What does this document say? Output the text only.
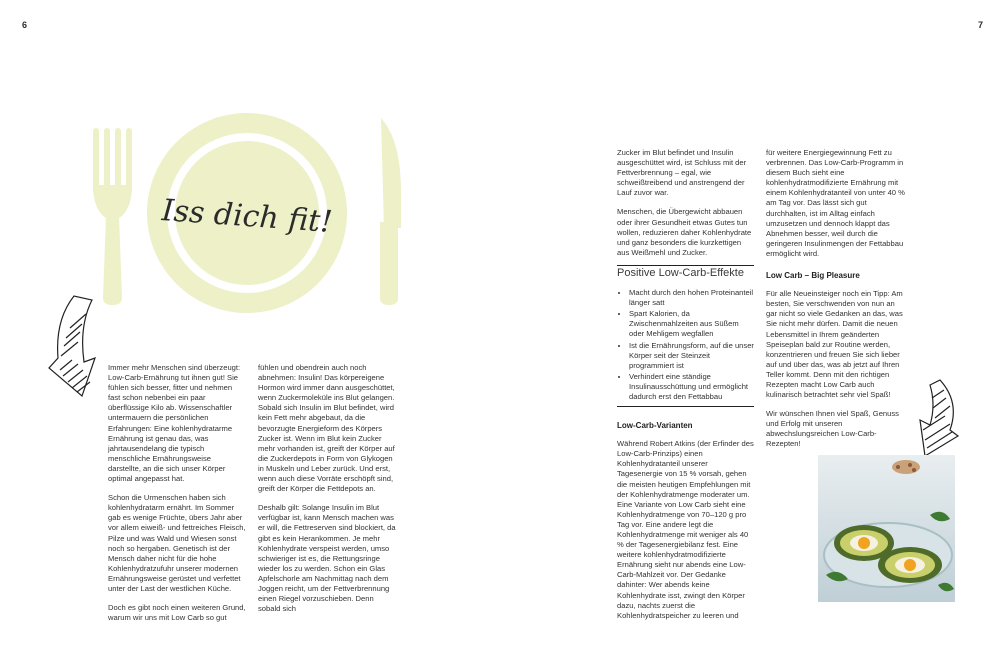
6	7
Iss dich fit!

Immer mehr Menschen sind überzeugt: Low-Carb-Ernährung tut ihnen gut! Sie fühlen sich besser, fitter und nehmen fast schon nebenbei ein paar überflüssige Kilo ab. Wissenschaftler untermauern die persönlichen Erfahrungen: Eine kohlenhydratarme Ernährung ist genau das, was jahrtausendelang die typisch menschliche Ernährungsweise darstellte, an die sich unser Körper optimal angepasst hat.

Schon die Urmenschen haben sich kohlenhydratarm ernährt. Im Sommer gab es wenige Früchte, übers Jahr aber vor allem eiweiß- und fettreiches Fleisch, Pilze und was Wald und Wiesen sonst noch so hergaben. Genetisch ist der Mensch daher nicht für die hohe Kohlenhydratzufuhr unserer modernen Ernährungsweise gerüstet und verfettet unter der Last der westlichen Küche.

Doch es gibt noch einen weiteren Grund, warum wir uns mit Low Carb so gut

fühlen und obendrein auch noch abnehmen: Insulin! Das körpereigene Hormon wird immer dann ausgeschüttet, wenn Zuckermoleküle ins Blut gelangen. Sobald sich Insulin im Blut befindet, wird kein Fett mehr abgebaut, da die bevorzugte Energieform des Körpers Zucker ist. Wenn im Blut kein Zucker mehr vorhanden ist, greift der Körper auf die Zuckerdepots in Form von Glykogen in Muskeln und Leber zurück. Und erst, wenn auch diese Vorräte erschöpft sind, greift der Körper die Fettdepots an.

Deshalb gilt: Solange Insulin im Blut verfügbar ist, kann Mensch machen was er will, die Fettreserven sind blockiert, da gibt es kein Herankommen. Je mehr Kohlenhydrate verspeist werden, umso schwieriger ist es, die Rettungsringe wieder los zu werden. Schon ein Glas Apfelschorle am Nachmittag nach dem Joggen reicht, um der Fettverbrennung einen Riegel vorzuschieben. Denn sobald sich

Zucker im Blut befindet und Insulin ausgeschüttet wird, ist Schluss mit der Fettverbrennung – egal, wie schweißtreibend und anstrengend der Lauf zuvor war.

Menschen, die Übergewicht abbauen oder ihrer Gesundheit etwas Gutes tun wollen, reduzieren daher Kohlenhydrate und ganz besonders die kurzkettigen aus Weißmehl und Zucker.

Positive Low-Carb-Effekte
• Macht durch den hohen Proteinanteil länger satt
• Spart Kalorien, da Zwischenmahlzeiten aus Süßem oder Mehligem wegfallen
• Ist die Ernährungsform, auf die unser Körper seit der Steinzeit programmiert ist
• Verhindert eine ständige Insulinausschüttung und ermöglicht dadurch erst den Fettabbau
Low-Carb-Varianten

Während Robert Atkins (der Erfinder des Low-Carb-Prinzips) einen Kohlenhydratanteil unserer Tagesenergie von 15 % vorsah, gehen die meisten heutigen Empfehlungen mit der Kohlenhydratmenge moderater um. Eine Variante von Low Carb sieht eine Kohlenhydratmenge von 70–120 g pro Tag vor. Eine andere legt die Kohlenhydratmenge mit weniger als 40 % der Tagesenergiebilanz fest. Eine weitere kohlenhydratmodifizierte Ernährung sieht nur abends eine Low-Carb-Mahlzeit vor. Der Gedanke dahinter: Wer abends keine Kohlenhydrate isst, zwingt den Körper dazu, nachts zuerst die Kohlenhydratspeicher zu leeren und

für weitere Energiegewinnung Fett zu verbrennen. Das Low-Carb-Programm in diesem Buch sieht eine kohlenhydratmodifizierte Ernährung mit einem Kohlenhydratanteil von unter 40 % am Tag vor. Das lässt sich gut durchhalten, ist im Alltag einfach umzusetzen und dennoch klappt das Abnehmen besser, weil durch die geringeren Insulinmengen der Fettabbau ermöglicht wird.

Low Carb – Big Pleasure

Für alle Neueinsteiger noch ein Tipp: Am besten, Sie verschwenden von nun an gar nicht so viele Gedanken an das, was Sie nicht mehr dürfen. Damit die neuen Lebensmittel in Ihrem geänderten Speiseplan bald zur Routine werden, konzentrieren und freuen Sie sich lieber auf und über das, was ab jetzt auf Ihren Teller kommt. Denn mit den richtigen Rezepten macht Low Carb auch kulinarisch betrachtet sehr viel Spaß!

Wir wünschen Ihnen viel Spaß, Genuss und Erfolg mit unseren abwechslungsreichen Low-Carb-Rezepten!
